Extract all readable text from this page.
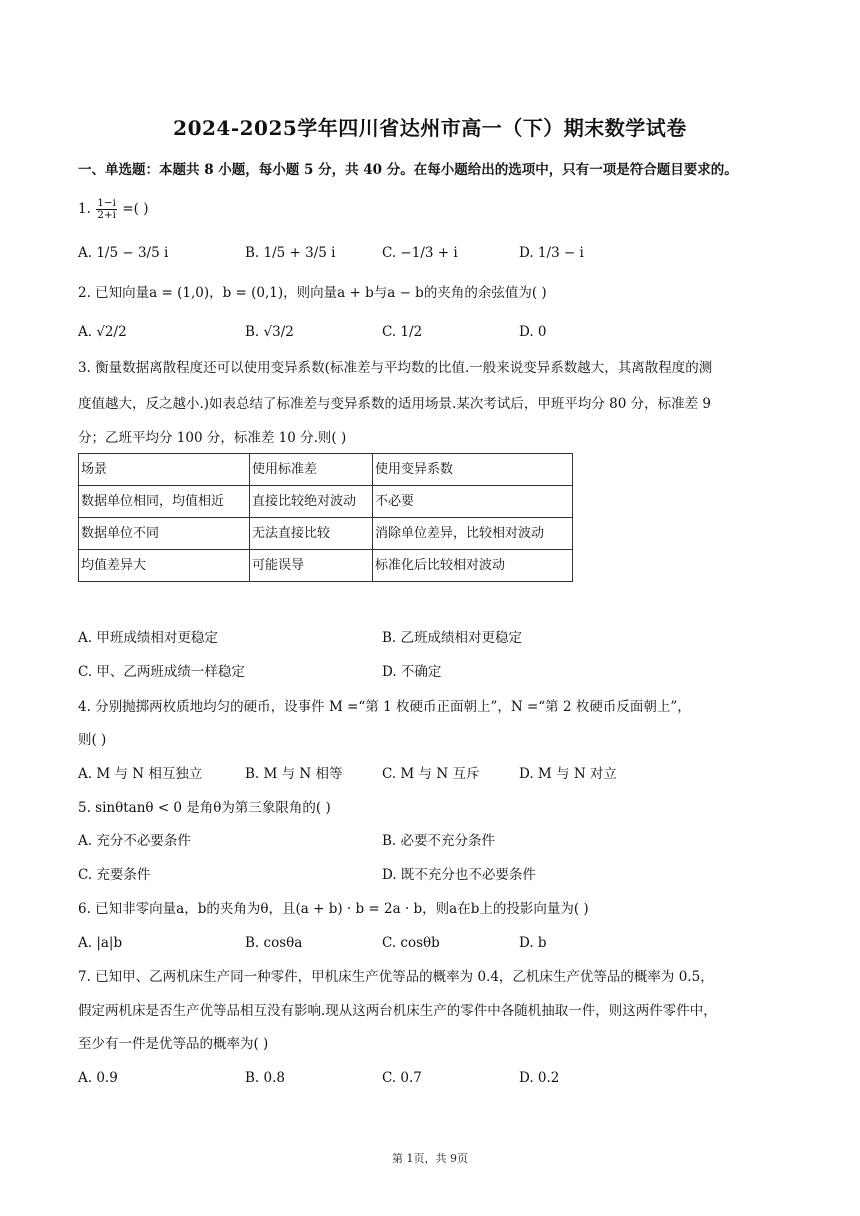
2024-2025学年四川省达州市高一（下）期末数学试卷
一、单选题：本题共 8 小题，每小题 5 分，共 40 分。在每小题给出的选项中，只有一项是符合题目要求的。
1. $\frac{1-i}{2+i}$ =( )
A. 1/5 − 3/5 i	B. 1/5 + 3/5 i	C. −1/3 + i	D. 1/3 − i
2. 已知向量a = (1,0)，b = (0,1)，则向量a + b与a − b的夹角的余弦值为( )
A. √2/2	B. √3/2	C. 1/2	D. 0
3. 衡量数据离散程度还可以使用变异系数(标准差与平均数的比值.一般来说变异系数越大，其离散程度的测
度值越大，反之越小.)如表总结了标准差与变异系数的适用场景.某次考试后，甲班平均分 80 分，标准差 9
分；乙班平均分 100 分，标准差 10 分.则( )
场景	使用标准差	使用变异系数
数据单位相同，均值相近	直接比较绝对波动	不必要
数据单位不同	无法直接比较	消除单位差异，比较相对波动
均值差异大	可能误导	标准化后比较相对波动
A. 甲班成绩相对更稳定	B. 乙班成绩相对更稳定
C. 甲、乙两班成绩一样稳定	D. 不确定
4. 分别抛掷两枚质地均匀的硬币，设事件 M =“第 1 枚硬币正面朝上”，N =“第 2 枚硬币反面朝上”，
则( )
A. M 与 N 相互独立	B. M 与 N 相等	C. M 与 N 互斥	D. M 与 N 对立
5. sinθtanθ < 0 是角θ为第三象限角的( )
A. 充分不必要条件	B. 必要不充分条件
C. 充要条件	D. 既不充分也不必要条件
6. 已知非零向量a，b的夹角为θ，且(a + b) · b = 2a · b，则a在b上的投影向量为( )
A. |a|b	B. cosθa	C. cosθb	D. b
7. 已知甲、乙两机床生产同一种零件，甲机床生产优等品的概率为 0.4，乙机床生产优等品的概率为 0.5，
假定两机床是否生产优等品相互没有影响.现从这两台机床生产的零件中各随机抽取一件，则这两件零件中，
至少有一件是优等品的概率为( )
A. 0.9	B. 0.8	C. 0.7	D. 0.2
第 1页，共 9页
